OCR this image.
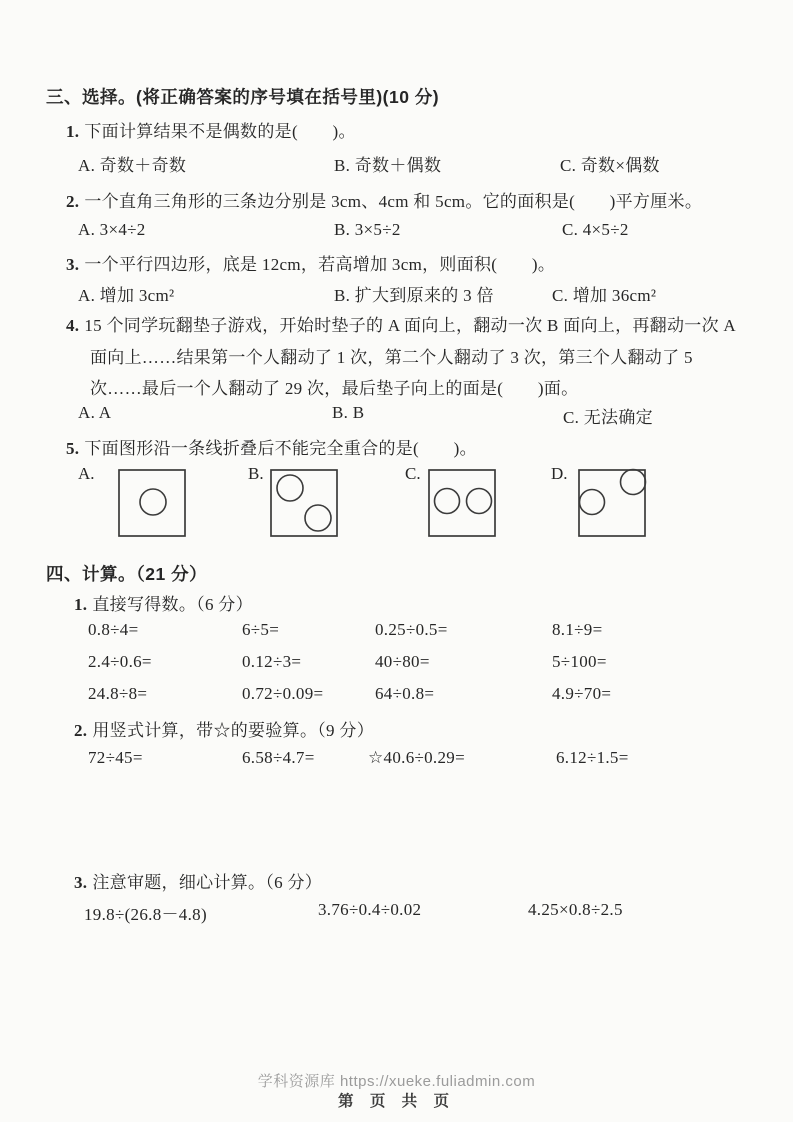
三、选择。(将正确答案的序号填在括号里)(10 分)
1. 下面计算结果不是偶数的是(　　)。
A. 奇数＋奇数	B. 奇数＋偶数	C. 奇数×偶数
2. 一个直角三角形的三条边分别是 3cm、4cm 和 5cm。它的面积是(　　)平方厘米。
A. 3×4÷2	B. 3×5÷2	C. 4×5÷2
3. 一个平行四边形，底是 12cm，若高增加 3cm，则面积(　　)。
A. 增加 3cm²	B. 扩大到原来的 3 倍	C. 增加 36cm²
4. 15 个同学玩翻垫子游戏，开始时垫子的 A 面向上，翻动一次 B 面向上，再翻动一次 A
面向上……结果第一个人翻动了 1 次，第二个人翻动了 3 次，第三个人翻动了 5
次……最后一个人翻动了 29 次，最后垫子向上的面是(　　)面。
A. A	B. B	C. 无法确定
5. 下面图形沿一条线折叠后不能完全重合的是(　　)。
A.	B.	C.	D.
四、计算。（21 分）
1. 直接写得数。（6 分）
0.8÷4=	6÷5=	0.25÷0.5=	8.1÷9=
2.4÷0.6=	0.12÷3=	40÷80=	5÷100=
24.8÷8=	0.72÷0.09=	64÷0.8=	4.9÷70=
2. 用竖式计算，带☆的要验算。（9 分）
72÷45=	6.58÷4.7=	☆40.6÷0.29=	6.12÷1.5=
3. 注意审题，细心计算。（6 分）
19.8÷(26.8－4.8)	3.76÷0.4÷0.02	4.25×0.8÷2.5
学科资源库 https://xueke.fuliadmin.com
第 页 共 页
